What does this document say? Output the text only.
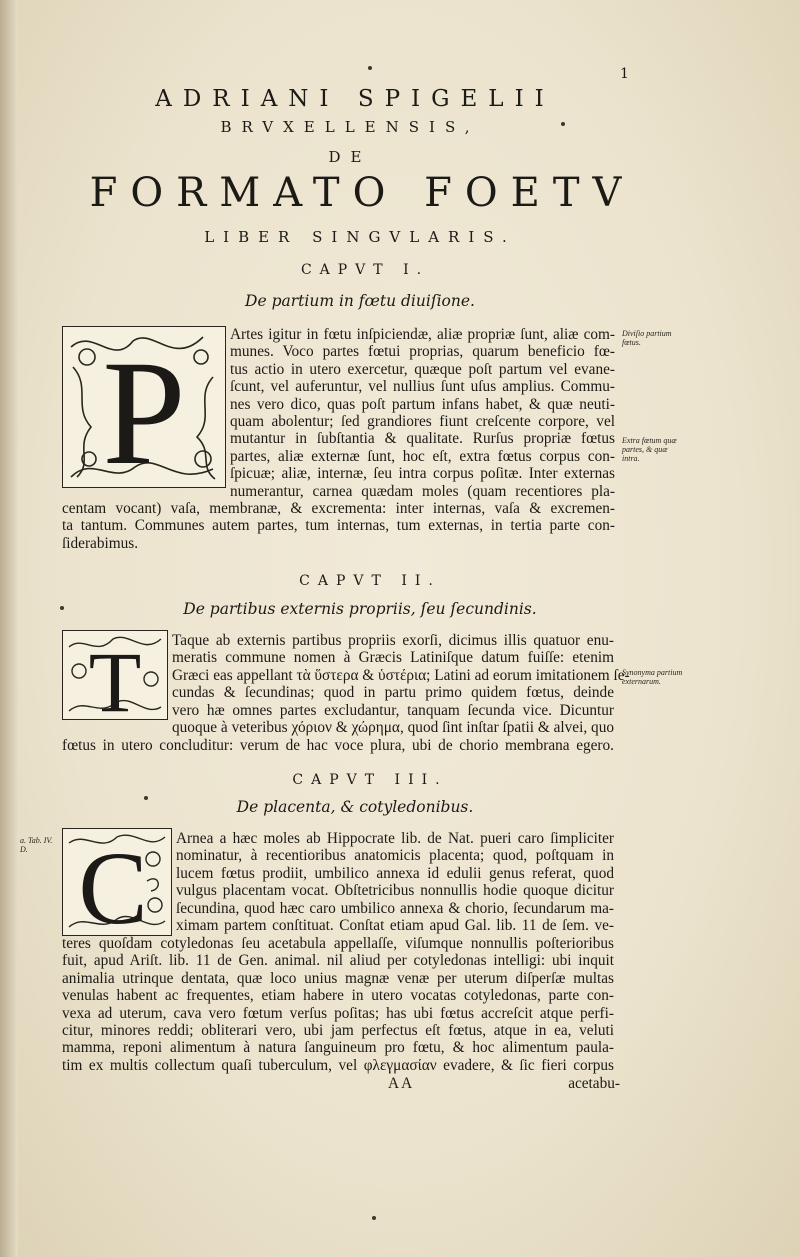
1
ADRIANI SPIGELII
BRVXELLENSIS,
DE
FORMATO FOETV
LIBER SINGVLARIS.
CAPVT I.
De partium in fœtu diuiſione.
P	Artes igitur in fœtu inſpiciendæ, aliæ propriæ ſunt, aliæ com-
munes. Voco partes fœtui proprias, quarum beneficio fœ-
tus actio in utero exercetur, quæque poſt partum vel evane-
ſcunt, vel auferuntur, vel nullius ſunt uſus amplius. Commu-
nes vero dico, quas poſt partum infans habet, & quæ neuti-
quam abolentur; ſed grandiores fiunt creſcente corpore, vel
mutantur in ſubſtantia & qualitate. Rurſus propriæ fœtus
partes, aliæ externæ ſunt, hoc eſt, extra fœtus corpus con-
ſpicuæ; aliæ, internæ, ſeu intra corpus poſitæ. Inter externas
numerantur, carnea quædam moles (quam recentiores pla-
centam vocant) vaſa, membranæ, & excrementa: inter internas, vaſa & excremen-
ta tantum. Communes autem partes, tum internas, tum externas, in tertia parte con-
ſiderabimus.
Diviſio partium fœtus.
Extra fœtum quæ partes, & quæ intra.
CAPVT II.
De partibus externis propriis, ſeu ſecundinis.
T Taque ab externis partibus propriis exorſi, dicimus illis quatuor enu-
meratis commune nomen à Græcis Latiniſque datum fuiſſe: etenim
Græci eas appellant τὰ ὕστερα & ὑστέρια; Latini ad eorum imitationem ſe-
cundas & ſecundinas; quod in partu primo quidem fœtus, deinde
vero hæ omnes partes excludantur, tanquam ſecunda vice. Dicuntur
quoque à veteribus χόριον & χώρημα, quod ſint inſtar ſpatii & alvei, quo
fœtus in utero concluditur: verum de hac voce plura, ubi de chorio membrana egero.
Synonyma partium externarum.
CAPVT III.
De placenta, & cotyledonibus.
C
a. Tab. IV. D.
Arnea a hæc moles ab Hippocrate lib. de Nat. pueri caro ſimpliciter
nominatur, à recentioribus anatomicis placenta; quod, poſtquam in
lucem fœtus prodiit, umbilico annexa id edulii genus referat, quod
vulgus placentam vocat. Obſtetricibus nonnullis hodie quoque dicitur
ſecundina, quod hæc caro umbilico annexa & chorio, ſecundarum ma-
ximam partem conſtituat. Conſtat etiam apud Gal. lib. 11 de ſem. ve-
teres quoſdam cotyledonas ſeu acetabula appellaſſe, viſumque nonnullis poſterioribus
fuit, apud Ariſt. lib. 11 de Gen. animal. nil aliud per cotyledonas intelligi: ubi inquit
animalia utrinque dentata, quæ loco unius magnæ venæ per uterum diſperſæ multas
venulas habent ac frequentes, etiam habere in utero vocatas cotyledonas, parte con-
vexa ad uterum, cava vero fœtum verſus poſitas; has ubi fœtus accreſcit atque perfi-
citur, minores reddi; obliterari vero, ubi jam perfectus eſt fœtus, atque in ea, veluti
mamma, reponi alimentum à natura ſanguineum pro fœtu, & hoc alimentum paula-
tim ex multis collectum quaſi tuberculum, vel φλεγμασίαν evadere, & ſic fieri corpus
A A	acetabu-
